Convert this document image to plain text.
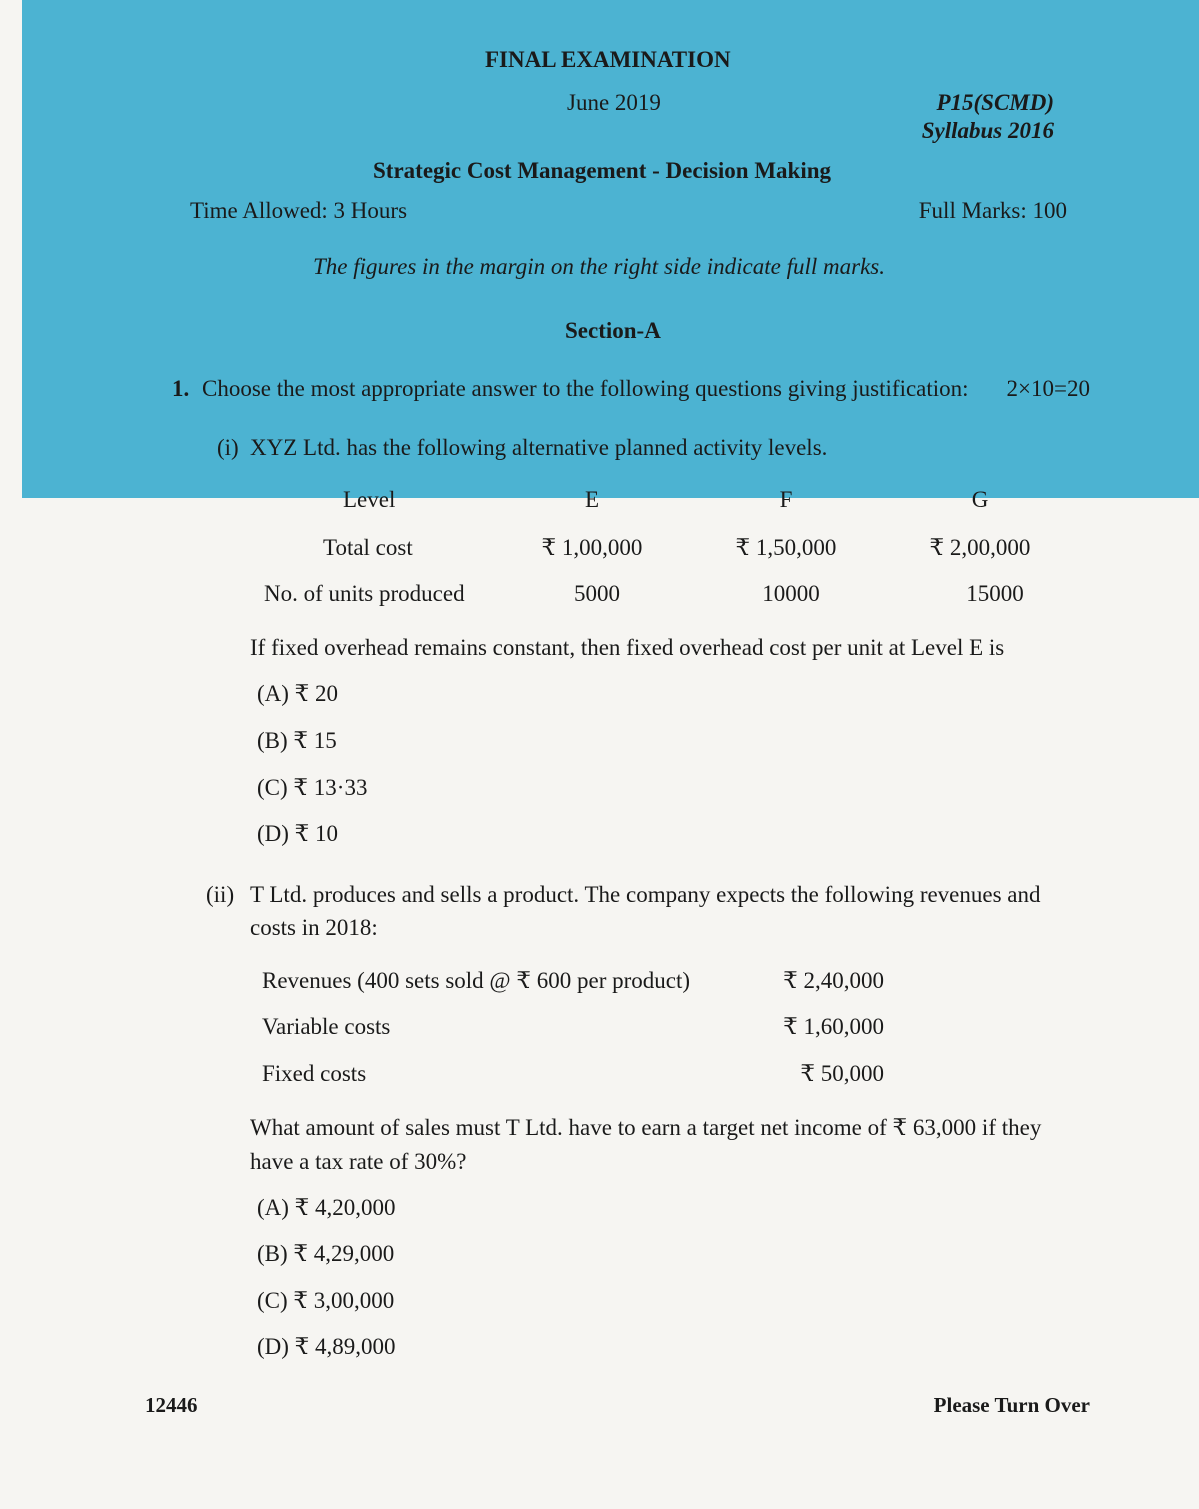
FINAL EXAMINATION
June 2019	P15(SCMD)
Syllabus 2016
Strategic Cost Management - Decision Making
Time Allowed: 3 Hours	Full Marks: 100
The figures in the margin on the right side indicate full marks.
Section-A
1. Choose the most appropriate answer to the following questions giving justification:	2×10=20
(i) XYZ Ltd. has the following alternative planned activity levels.
Level	E	F	G
Total cost	₹ 1,00,000	₹ 1,50,000	₹ 2,00,000
No. of units produced	5000	10000	15000
If fixed overhead remains constant, then fixed overhead cost per unit at Level E is
(A) ₹ 20
(B) ₹ 15
(C) ₹ 13·33
(D) ₹ 10
(ii) T Ltd. produces and sells a product. The company expects the following revenues and
costs in 2018:
Revenues (400 sets sold @ ₹ 600 per product)	₹ 2,40,000
Variable costs	₹ 1,60,000
Fixed costs	₹ 50,000
What amount of sales must T Ltd. have to earn a target net income of ₹ 63,000 if they
have a tax rate of 30%?
(A) ₹ 4,20,000
(B) ₹ 4,29,000
(C) ₹ 3,00,000
(D) ₹ 4,89,000
12446	Please Turn Over
